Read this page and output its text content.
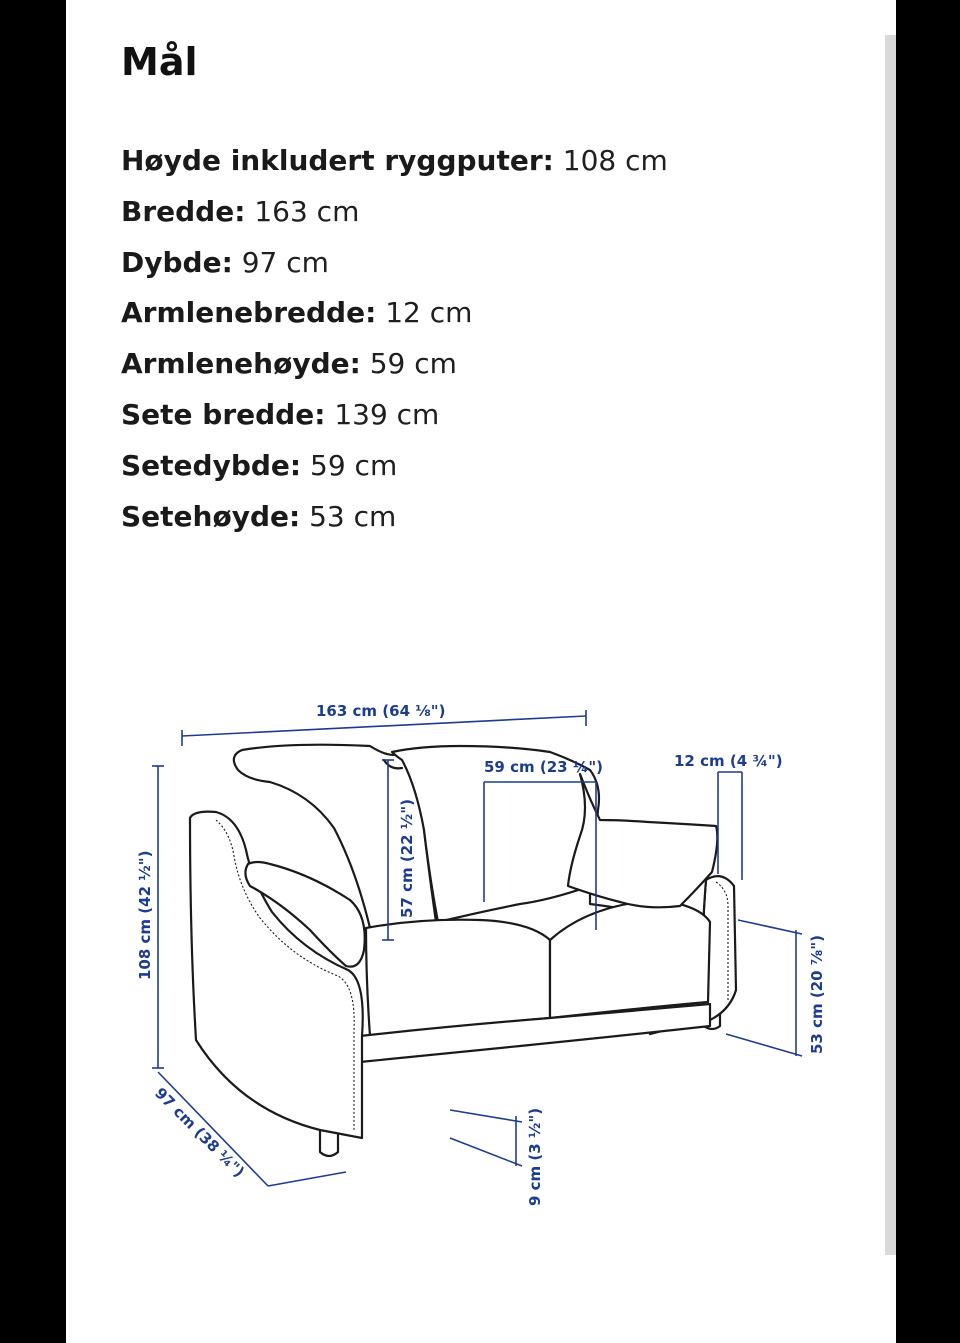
Mål
Høyde inkludert ryggputer: 108 cm
Bredde: 163 cm
Dybde: 97 cm
Armlenebredde: 12 cm
Armlenehøyde: 59 cm
Sete bredde: 139 cm
Setedybde: 59 cm
Setehøyde: 53 cm
163 cm (64 ⅛")
59 cm (23 ¼")	12 cm (4 ¾")
108 cm (42 ½")	57 cm (22 ½")
53 cm (20 ⅞")
97 cm (38 ¼")	9 cm (3 ½")
